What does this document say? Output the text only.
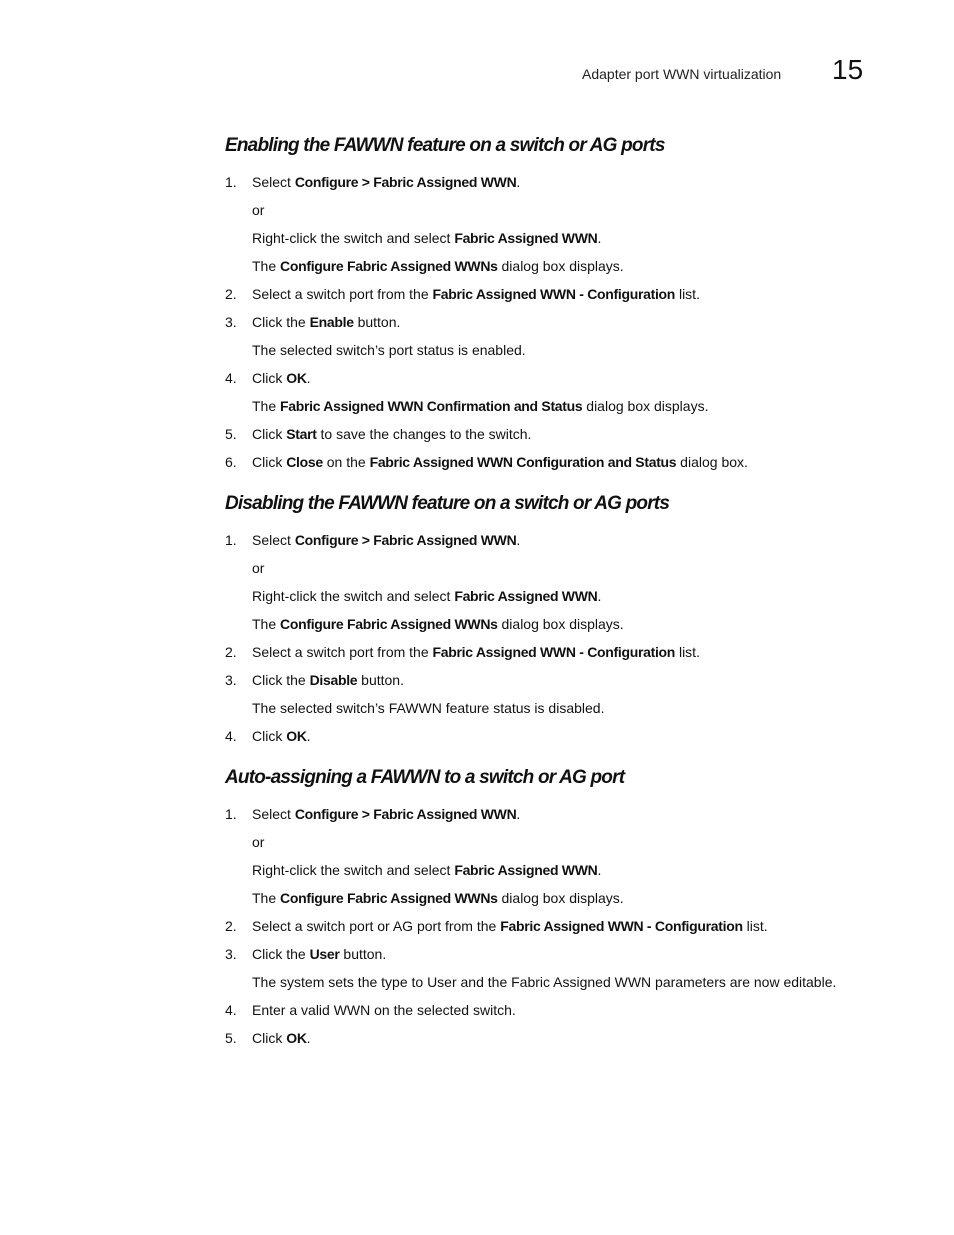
Adapter port WWN virtualization 15
Enabling the FAWWN feature on a switch or AG ports
1. Select Configure > Fabric Assigned WWN.
or
Right-click the switch and select Fabric Assigned WWN.
The Configure Fabric Assigned WWNs dialog box displays.
2. Select a switch port from the Fabric Assigned WWN - Configuration list.
3. Click the Enable button.
The selected switch’s port status is enabled.
4. Click OK.
The Fabric Assigned WWN Confirmation and Status dialog box displays.
5. Click Start to save the changes to the switch.
6. Click Close on the Fabric Assigned WWN Configuration and Status dialog box.
Disabling the FAWWN feature on a switch or AG ports
1. Select Configure > Fabric Assigned WWN.
or
Right-click the switch and select Fabric Assigned WWN.
The Configure Fabric Assigned WWNs dialog box displays.
2. Select a switch port from the Fabric Assigned WWN - Configuration list.
3. Click the Disable button.
The selected switch’s FAWWN feature status is disabled.
4. Click OK.
Auto-assigning a FAWWN to a switch or AG port
1. Select Configure > Fabric Assigned WWN.
or
Right-click the switch and select Fabric Assigned WWN.
The Configure Fabric Assigned WWNs dialog box displays.
2. Select a switch port or AG port from the Fabric Assigned WWN - Configuration list.
3. Click the User button.
The system sets the type to User and the Fabric Assigned WWN parameters are now editable.
4. Enter a valid WWN on the selected switch.
5. Click OK.
